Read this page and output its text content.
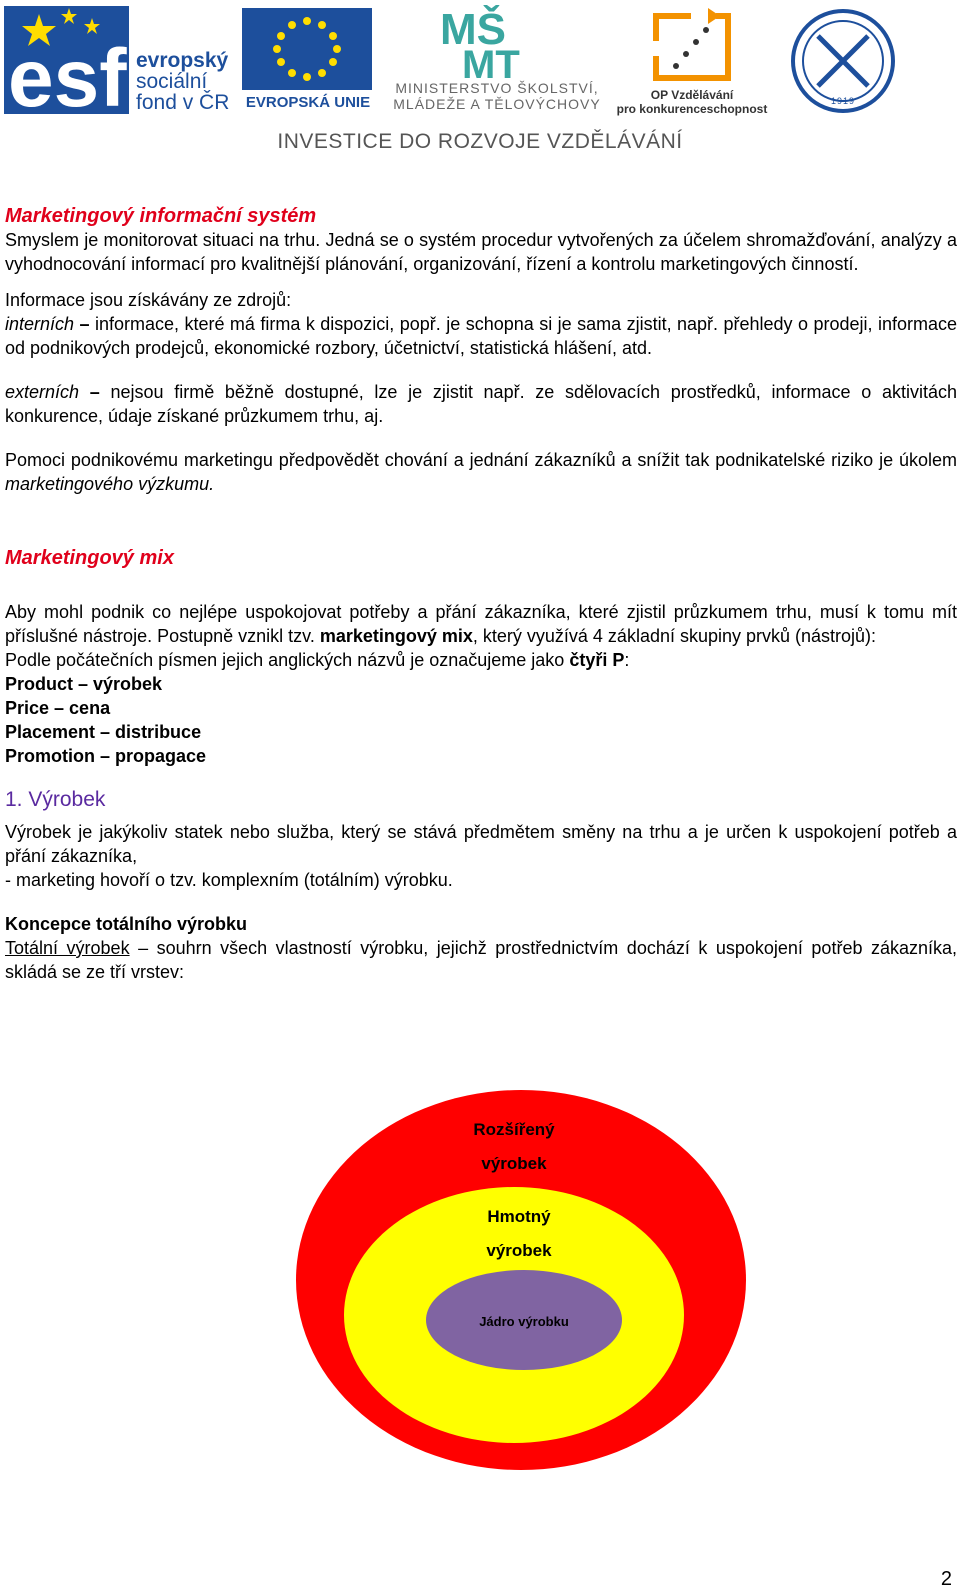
esf evropský
sociální
fond v ČR EVROPSKÁ UNIE
MŠ
MT
MINISTERSTVO ŠKOLSTVÍ,
MLÁDEŽE A TĚLOVÝCHOVY
OP Vzdělávání
pro konkurenceschopnost
1919
INVESTICE DO ROZVOJE VZDĚLÁVÁNÍ

Marketingový informační systém

Smyslem je monitorovat situaci na trhu. Jedná se o systém procedur vytvořených za účelem shromažďování, analýzy a vyhodnocování informací pro kvalitnější plánování, organizování, řízení a kontrolu marketingových činností.

Informace jsou získávány ze zdrojů:

interních – informace, které má firma k dispozici, popř. je schopna si je sama zjistit, např. přehledy o prodeji, informace od podnikových prodejců, ekonomické rozbory, účetnictví, statistická hlášení, atd.

externích – nejsou firmě běžně dostupné, lze je zjistit např. ze sdělovacích prostředků, informace o aktivitách konkurence, údaje získané průzkumem trhu, aj.

Pomoci podnikovému marketingu předpovědět chování a jednání zákazníků a snížit tak podnikatelské riziko je úkolem marketingového výzkumu.

Marketingový mix

Aby mohl podnik co nejlépe uspokojovat potřeby a přání zákazníka, které zjistil průzkumem trhu, musí k tomu mít příslušné nástroje. Postupně vznikl tzv. marketingový mix, který využívá 4 základní skupiny prvků (nástrojů):

Podle počátečních písmen jejich anglických názvů je označujeme jako čtyři P:

Product – výrobek

Price – cena

Placement – distribuce

Promotion – propagace

1. Výrobek

Výrobek je jakýkoliv statek nebo služba, který se stává předmětem směny na trhu a je určen k uspokojení potřeb a přání zákazníka,

- marketing hovoří o tzv. komplexním (totálním) výrobku.

Koncepce totálního výrobku

Totální výrobek – souhrn všech vlastností výrobku, jejichž prostřednictvím dochází k uspokojení potřeb zákazníka, skládá se ze tří vrstev:

Rozšířený
výrobek
Hmotný
výrobek
Jádro výrobku
2
